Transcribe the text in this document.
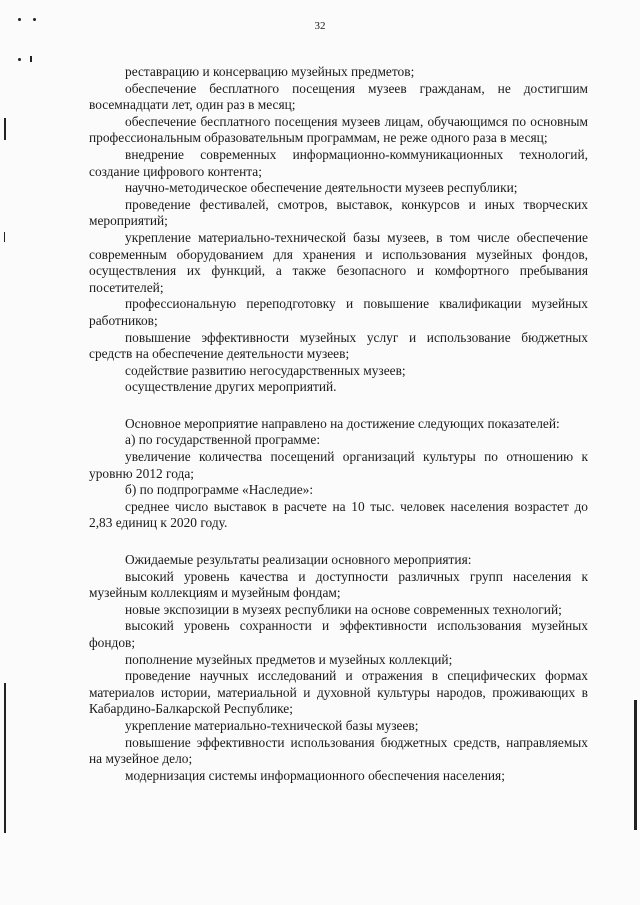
32

реставрацию и консервацию музейных предметов;

обеспечение бесплатного посещения музеев гражданам, не достигшим восемнадцати лет, один раз в месяц;

обеспечение бесплатного посещения музеев лицам, обучающимся по основным профессиональным образовательным программам, не реже одного раза в месяц;

внедрение современных информационно-коммуникационных технологий, создание цифрового контента;

научно-методическое обеспечение деятельности музеев республики;

проведение фестивалей, смотров, выставок, конкурсов и иных творческих мероприятий;

укрепление материально-технической базы музеев, в том числе обеспечение современным оборудованием для хранения и использования музейных фондов, осуществления их функций, а также безопасного и комфортного пребывания посетителей;

профессиональную переподготовку и повышение квалификации музейных работников;

повышение эффективности музейных услуг и использование бюджетных средств на обеспечение деятельности музеев;

содействие развитию негосударственных музеев;

осуществление других мероприятий.

Основное мероприятие направлено на достижение следующих показателей:

а) по государственной программе:

увеличение количества посещений организаций культуры по отношению к уровню 2012 года;

б) по подпрограмме «Наследие»:

среднее число выставок в расчете на 10 тыс. человек населения возрастет до 2,83 единиц к 2020 году.

Ожидаемые результаты реализации основного мероприятия:

высокий уровень качества и доступности различных групп населения к музейным коллекциям и музейным фондам;

новые экспозиции в музеях республики на основе современных технологий;

высокий уровень сохранности и эффективности использования музейных фондов;

пополнение музейных предметов и музейных коллекций;

проведение научных исследований и отражения в специфических формах материалов истории, материальной и духовной культуры народов, проживающих в Кабардино-Балкарской Республике;

укрепление материально-технической базы музеев;

повышение эффективности использования бюджетных средств, направляемых на музейное дело;

модернизация системы информационного обеспечения населения;
